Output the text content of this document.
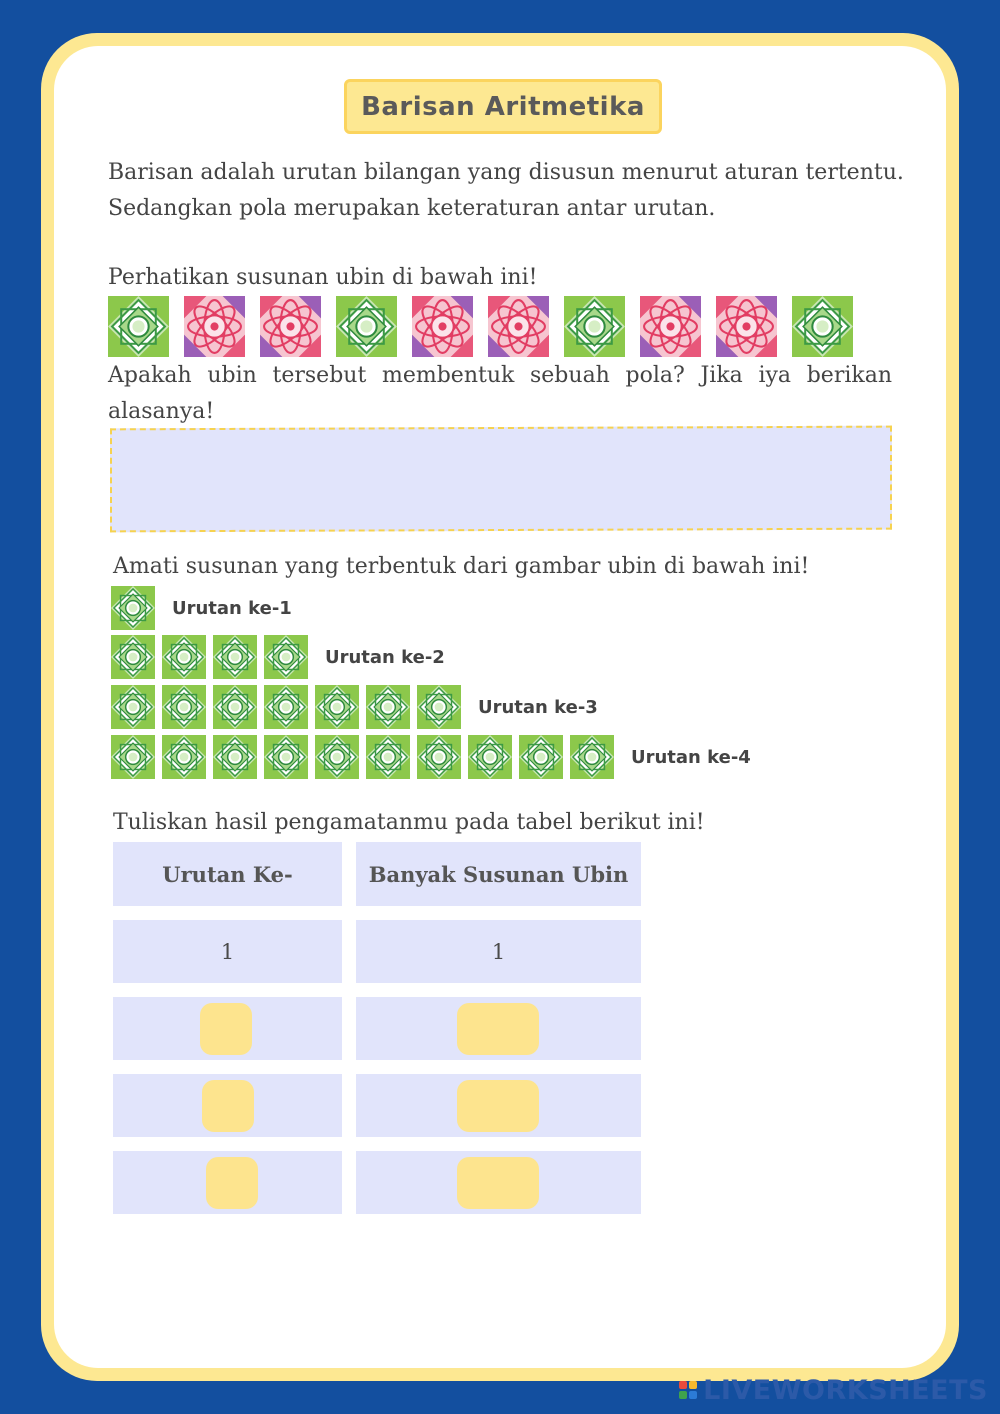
Barisan Aritmetika
Barisan adalah urutan bilangan yang disusun menurut aturan tertentu. Sedangkan pola merupakan keteraturan antar urutan.
Perhatikan susunan ubin di bawah ini!
Apakah ubin tersebut membentuk sebuah pola? Jika iya berikan alasanya!
Amati susunan yang terbentuk dari gambar ubin di bawah ini!
Urutan ke-1
Urutan ke-2
Urutan ke-3
Urutan ke-4
Tuliskan hasil pengamatanmu pada tabel berikut ini!
Urutan Ke-	Banyak Susunan Ubin
1	1
LIVEWORKSHEETS
